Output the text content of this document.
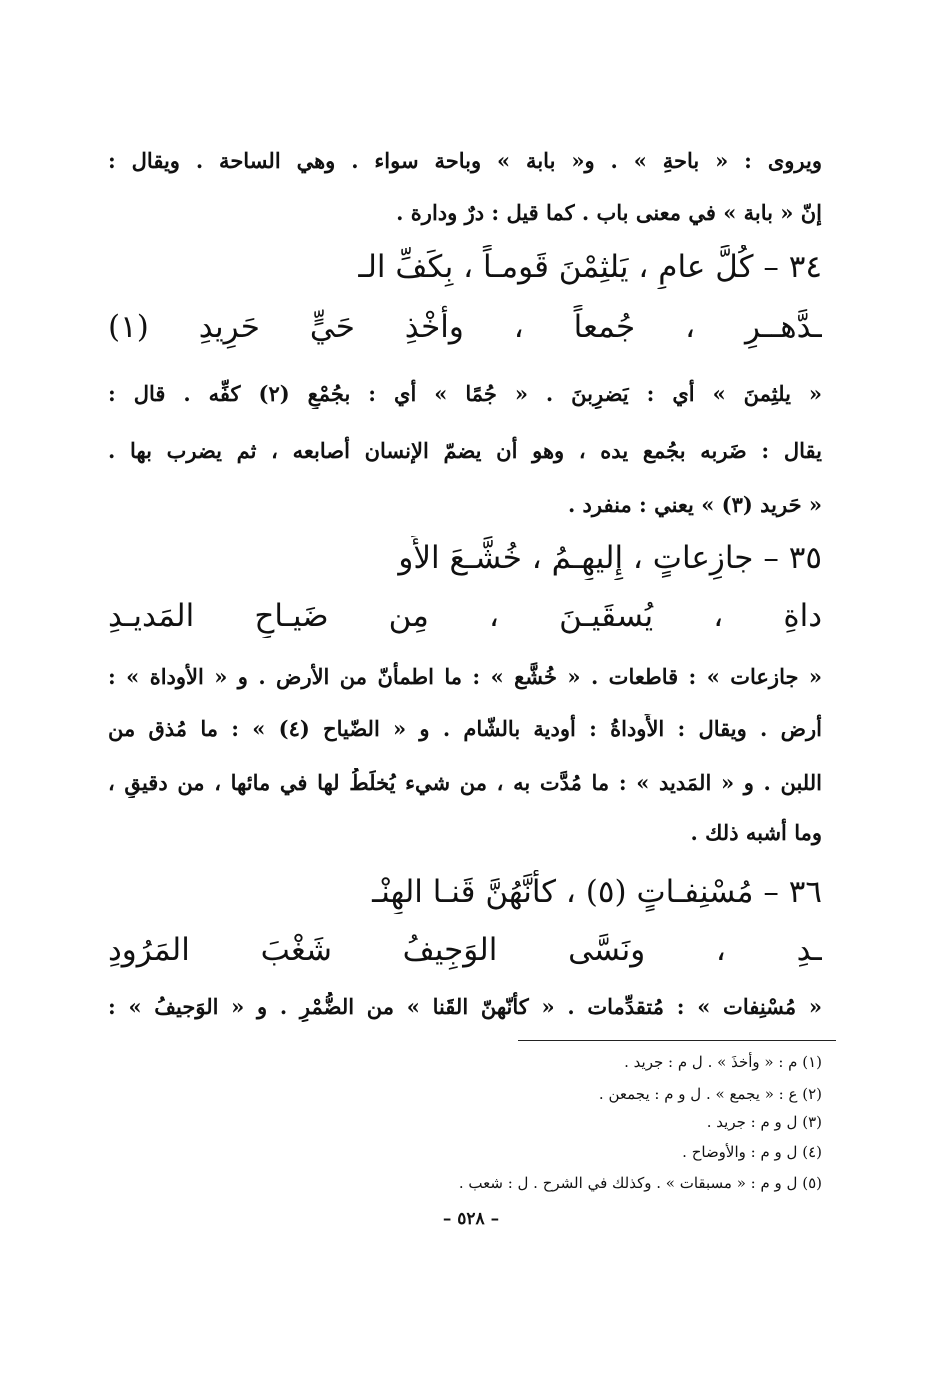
ويروى : « باحةِ » . و« بابة » وباحة سواء . وهي الساحة . ويقال :
إنّ « بابة » في معنى باب . كما قيل : درٌ ودارة .
٣٤ – كُلَّ عامٍ ، يَلثِمْنَ قَومـاً ، بِكَفِّ الـ
ـدَّهــرِ ، جُمعاً ، وأَخْذِ حَيٍّ حَرِيدِ (١)
« يلثِمنَ » أي : يَضرِبنَ . « جُمًا » أي : بجُمْعِ (٢) كفِّه . قال :
يقال : ضَربه بجُمع يده ، وهو أن يضمّ الإنسان أصابعه ، ثم يضرب بها .
« حَريد (٣) » يعني : منفرد .
٣٥ – جازِعاتٍ ، إِليهِـمُ ، خُشَّـعَ الأَو
داةِ ، يُسقَيـنَ ، مِن ضَيـاحِ المَديـدِ
« جازعات » : قاطعات . « خُشَّع » : ما اطمأنّ من الأرض . و « الأوداة » :
أرض . ويقال : الأَوداةُ : أودية بالشّام . و « الضّياح (٤) » : ما مُذق من
اللبن . و « المَديد » : ما مُدَّت به ، من شيء يُخلَطُ لها في مائها ، من دقيقٍ ،
وما أشبه ذلك .
٣٦ – مُسْنِفـاتٍ (٥) ، كأَنَّهُنَّ قَنـا الهِنْـ
ـدِ ، ونَسَّى الوَجِيفُ شَغْبَ المَرُودِ
« مُسْنِفات » : مُتقدِّمات . « كأنّهنّ القَنا » من الضُّمْرِ . و « الوَجيفُ » :
(١) م : « وأخذَ » . ل م : جريد .
(٢) ع : « يجمع » . ل و م : يجمعن .
(٣) ل و م : جريد .
(٤) ل و م : والأوضاح .
(٥) ل و م : « مسبقات » . وكذلك في الشرح . ل : شعب .
– ٥٢٨ –
